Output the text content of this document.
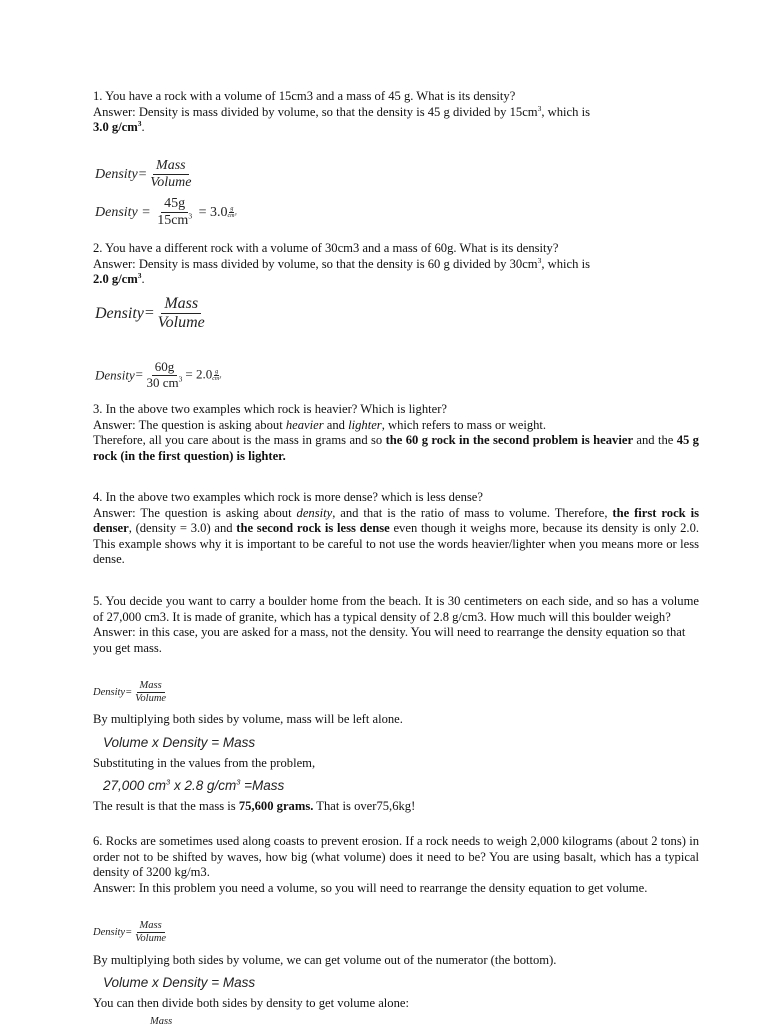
1. You have a rock with a volume of 15cm3 and a mass of 45 g. What is its density?

Answer: Density is mass divided by volume, so that the density is 45 g divided by $15cm^3$, which is

3.0 $g/cm^3$.

Density= $\frac{\text{Mass}}{\text{Volume}}$
Density = $\frac{45g}{15cm^3} = 3.0 \frac{g}{\text{cm³}}$

2. You have a different rock with a volume of 30cm3 and a mass of 60g. What is its density?

Answer: Density is mass divided by volume, so that the density is 60 g divided by $30cm^3$, which is

2.0 $g/cm^3$.

Density= $\frac{\text{Mass}}{\text{Volume}}$
Density= $\frac{60g}{30 cm^3} = 2.0 \frac{g}{\text{cm³}}$

3. In the above two examples which rock is heavier? Which is lighter?

Answer: The question is asking about heavier and lighter, which refers to mass or weight.

Therefore, all you care about is the mass in grams and so the 60 g rock in the second problem is heavier and the 45 g rock (in the first question) is lighter.

4. In the above two examples which rock is more dense? which is less dense?

Answer: The question is asking about density, and that is the ratio of mass to volume. Therefore, the first rock is denser, (density = 3.0) and the second rock is less dense even though it weighs more, because its density is only 2.0. This example shows why it is important to be careful to not use the words heavier/lighter when you means more or less dense.

5. You decide you want to carry a boulder home from the beach. It is 30 centimeters on each side, and so has a volume of 27,000 cm3. It is made of granite, which has a typical density of 2.8 g/cm3. How much will this boulder weigh?

Answer: in this case, you are asked for a mass, not the density. You will need to rearrange the density equation so that you get mass.

Density= $\frac{\text{Mass}}{\text{Volume}}$

By multiplying both sides by volume, mass will be left alone.

Volume x Density = Mass

Substituting in the values from the problem,

27,000 $cm^3$ x 2.8 $g/cm^3$ =Mass

The result is that the mass is 75,600 grams. That is over75,6kg!

6. Rocks are sometimes used along coasts to prevent erosion. If a rock needs to weigh 2,000 kilograms (about 2 tons) in order not to be shifted by waves, how big (what volume) does it need to be? You are using basalt, which has a typical density of 3200 kg/m3.

Answer: In this problem you need a volume, so you will need to rearrange the density equation to get volume.

Density= $\frac{\text{Mass}}{\text{Volume}}$

By multiplying both sides by volume, we can get volume out of the numerator (the bottom).

Volume x Density = Mass

You can then divide both sides by density to get volume alone:

Mass
